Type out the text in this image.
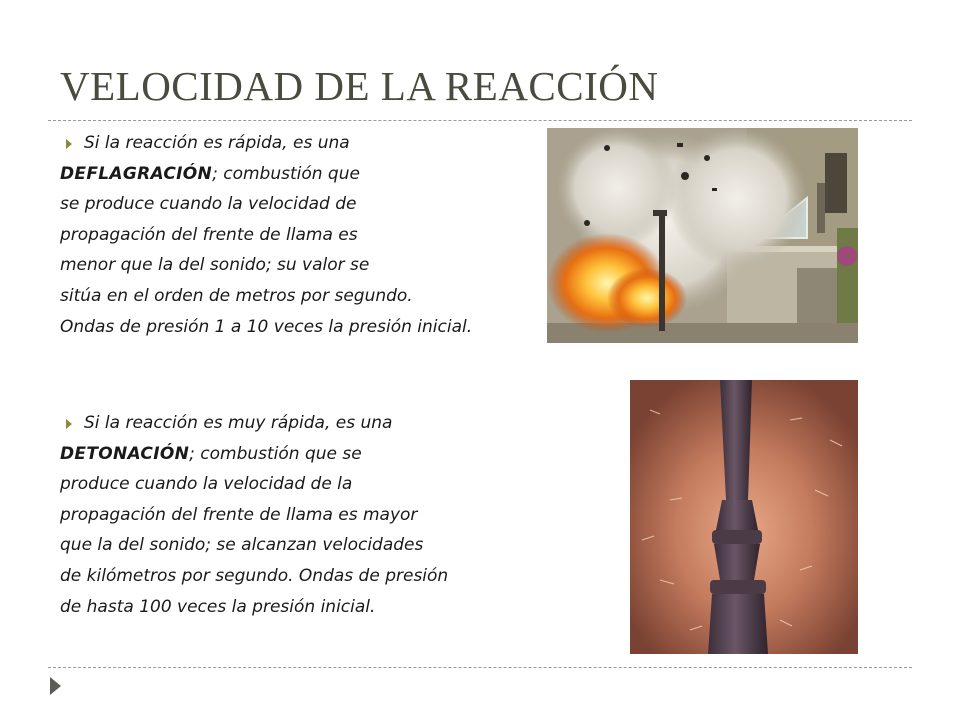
VELOCIDAD DE LA REACCIÓN
Si la reacción es rápida, es una
DEFLAGRACIÓN; combustión que
se produce cuando la velocidad de
propagación del frente de llama es
menor que la del sonido; su valor se
sitúa en el orden de metros por segundo.
Ondas de presión 1 a 10 veces la presión inicial.
Si la reacción es muy rápida, es una
DETONACIÓN; combustión que se
produce cuando la velocidad de la
propagación del frente de llama es mayor
que la del sonido; se alcanzan velocidades
de kilómetros por segundo. Ondas de presión
de hasta 100 veces la presión inicial.
